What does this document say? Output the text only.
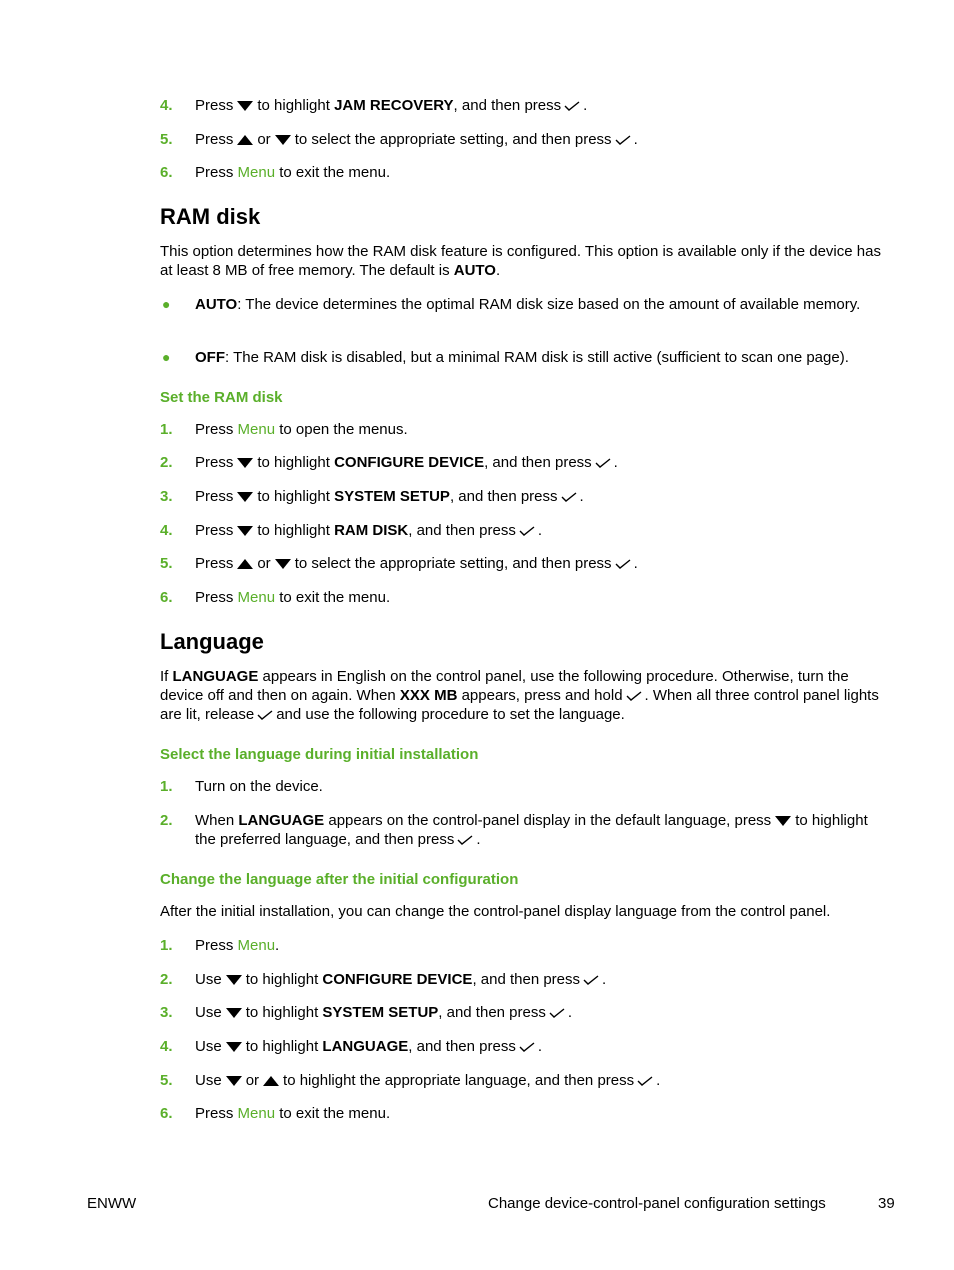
4. Press to highlight JAM RECOVERY, and then press .
5. Press or to select the appropriate setting, and then press .
6. Press Menu to exit the menu.
RAM disk
This option determines how the RAM disk feature is configured. This option is available only if the device has at least 8 MB of free memory. The default is AUTO.
● AUTO: The device determines the optimal RAM disk size based on the amount of available memory.
● OFF: The RAM disk is disabled, but a minimal RAM disk is still active (sufficient to scan one page).
Set the RAM disk
1. Press Menu to open the menus.
2. Press to highlight CONFIGURE DEVICE, and then press .
3. Press to highlight SYSTEM SETUP, and then press .
4. Press to highlight RAM DISK, and then press .
5. Press or to select the appropriate setting, and then press .
6. Press Menu to exit the menu.
Language
If LANGUAGE appears in English on the control panel, use the following procedure. Otherwise, turn the device off and then on again. When XXX MB appears, press and hold . When all three control panel lights are lit, release and use the following procedure to set the language.
Select the language during initial installation
1. Turn on the device.
2. When LANGUAGE appears on the control-panel display in the default language, press to highlight the preferred language, and then press .
Change the language after the initial configuration
After the initial installation, you can change the control-panel display language from the control panel.
1. Press Menu.
2. Use to highlight CONFIGURE DEVICE, and then press .
3. Use to highlight SYSTEM SETUP, and then press .
4. Use to highlight LANGUAGE, and then press .
5. Use or to highlight the appropriate language, and then press .
6. Press Menu to exit the menu.
ENWW	Change device-control-panel configuration settings	39
